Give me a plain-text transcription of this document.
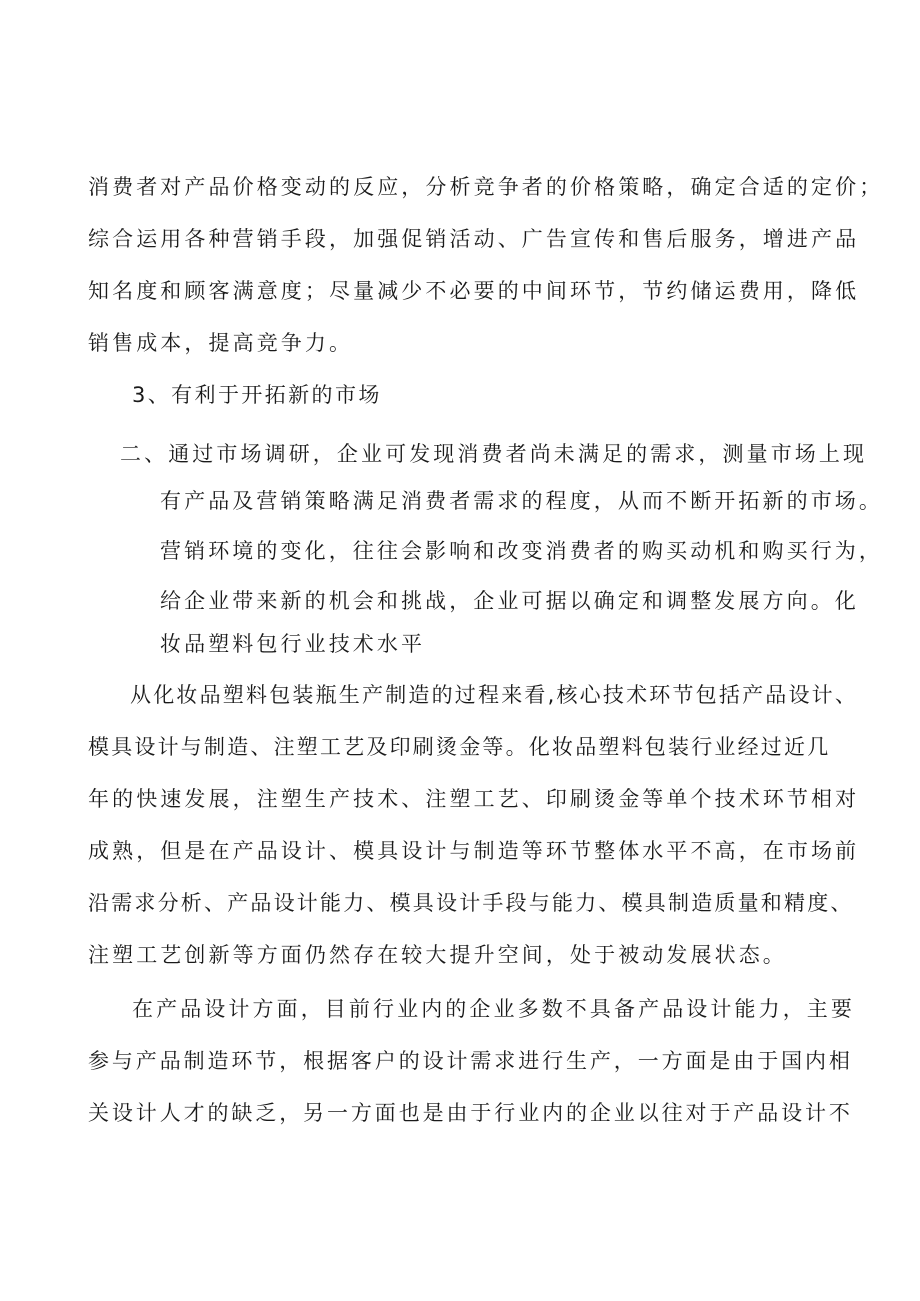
消费者对产品价格变动的反应，分析竞争者的价格策略，确定合适的定价；

综合运用各种营销手段，加强促销活动、广告宣传和售后服务，增进产品

知名度和顾客满意度；尽量减少不必要的中间环节，节约储运费用，降低

销售成本，提高竞争力。

3、有利于开拓新的市场

二、通过市场调研，企业可发现消费者尚未满足的需求，测量市场上现

有产品及营销策略满足消费者需求的程度，从而不断开拓新的市场。

营销环境的变化，往往会影响和改变消费者的购买动机和购买行为，

给企业带来新的机会和挑战，企业可据以确定和调整发展方向。化

妆品塑料包行业技术水平

从化妆品塑料包装瓶生产制造的过程来看,核心技术环节包括产品设计、

模具设计与制造、注塑工艺及印刷烫金等。化妆品塑料包装行业经过近几

年的快速发展，注塑生产技术、注塑工艺、印刷烫金等单个技术环节相对

成熟，但是在产品设计、模具设计与制造等环节整体水平不高，在市场前

沿需求分析、产品设计能力、模具设计手段与能力、模具制造质量和精度、

注塑工艺创新等方面仍然存在较大提升空间，处于被动发展状态。

在产品设计方面，目前行业内的企业多数不具备产品设计能力，主要

参与产品制造环节，根据客户的设计需求进行生产，一方面是由于国内相

关设计人才的缺乏，另一方面也是由于行业内的企业以往对于产品设计不
